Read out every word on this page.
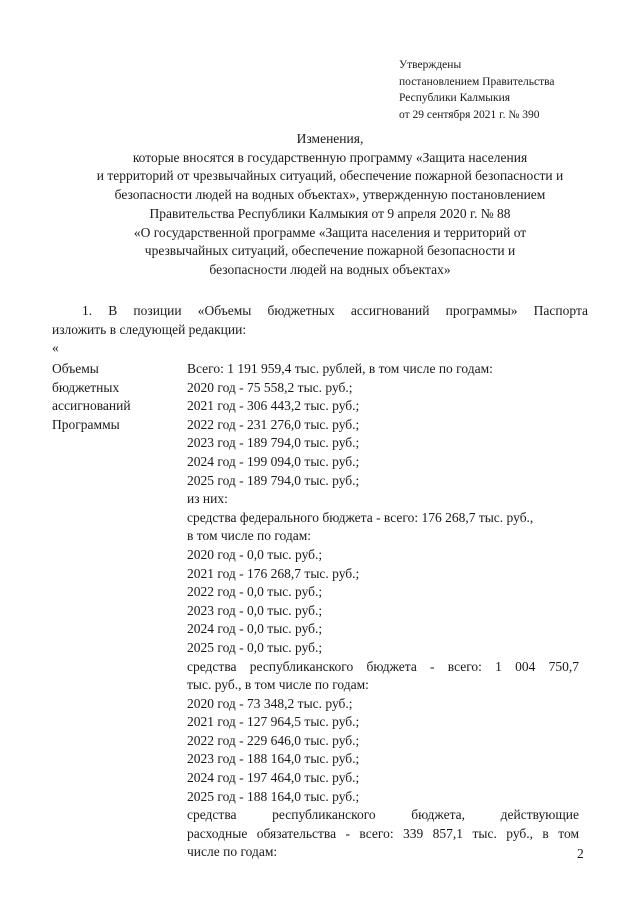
Утверждены
постановлением Правительства
Республики Калмыкия
от 29 сентября 2021 г. № 390
Изменения,
которые вносятся в государственную программу «Защита населения
и территорий от чрезвычайных ситуаций, обеспечение пожарной безопасности и
безопасности людей на водных объектах», утвержденную постановлением
Правительства Республики Калмыкия от 9 апреля 2020 г. № 88
«О государственной программе «Защита населения и территорий от
чрезвычайных ситуаций, обеспечение пожарной безопасности и
безопасности людей на водных объектах»
1. В позиции «Объемы бюджетных ассигнований программы» Паспорта
изложить в следующей редакции:
«
Объемы
бюджетных
ассигнований
Программы
Всего: 1 191 959,4 тыс. рублей, в том числе по годам:
2020 год - 75 558,2 тыс. руб.;
2021 год - 306 443,2 тыс. руб.;
2022 год - 231 276,0 тыс. руб.;
2023 год - 189 794,0 тыс. руб.;
2024 год - 199 094,0 тыс. руб.;
2025 год - 189 794,0 тыс. руб.;
из них:
средства федерального бюджета - всего: 176 268,7 тыс. руб.,
в том числе по годам:
2020 год - 0,0 тыс. руб.;
2021 год - 176 268,7 тыс. руб.;
2022 год - 0,0 тыс. руб.;
2023 год - 0,0 тыс. руб.;
2024 год - 0,0 тыс. руб.;
2025 год - 0,0 тыс. руб.;
средства республиканского бюджета - всего: 1 004 750,7
тыс. руб., в том числе по годам:
2020 год - 73 348,2 тыс. руб.;
2021 год - 127 964,5 тыс. руб.;
2022 год - 229 646,0 тыс. руб.;
2023 год - 188 164,0 тыс. руб.;
2024 год - 197 464,0 тыс. руб.;
2025 год - 188 164,0 тыс. руб.;
средства республиканского бюджета, действующие
расходные обязательства - всего: 339 857,1 тыс. руб., в том
числе по годам:	2
